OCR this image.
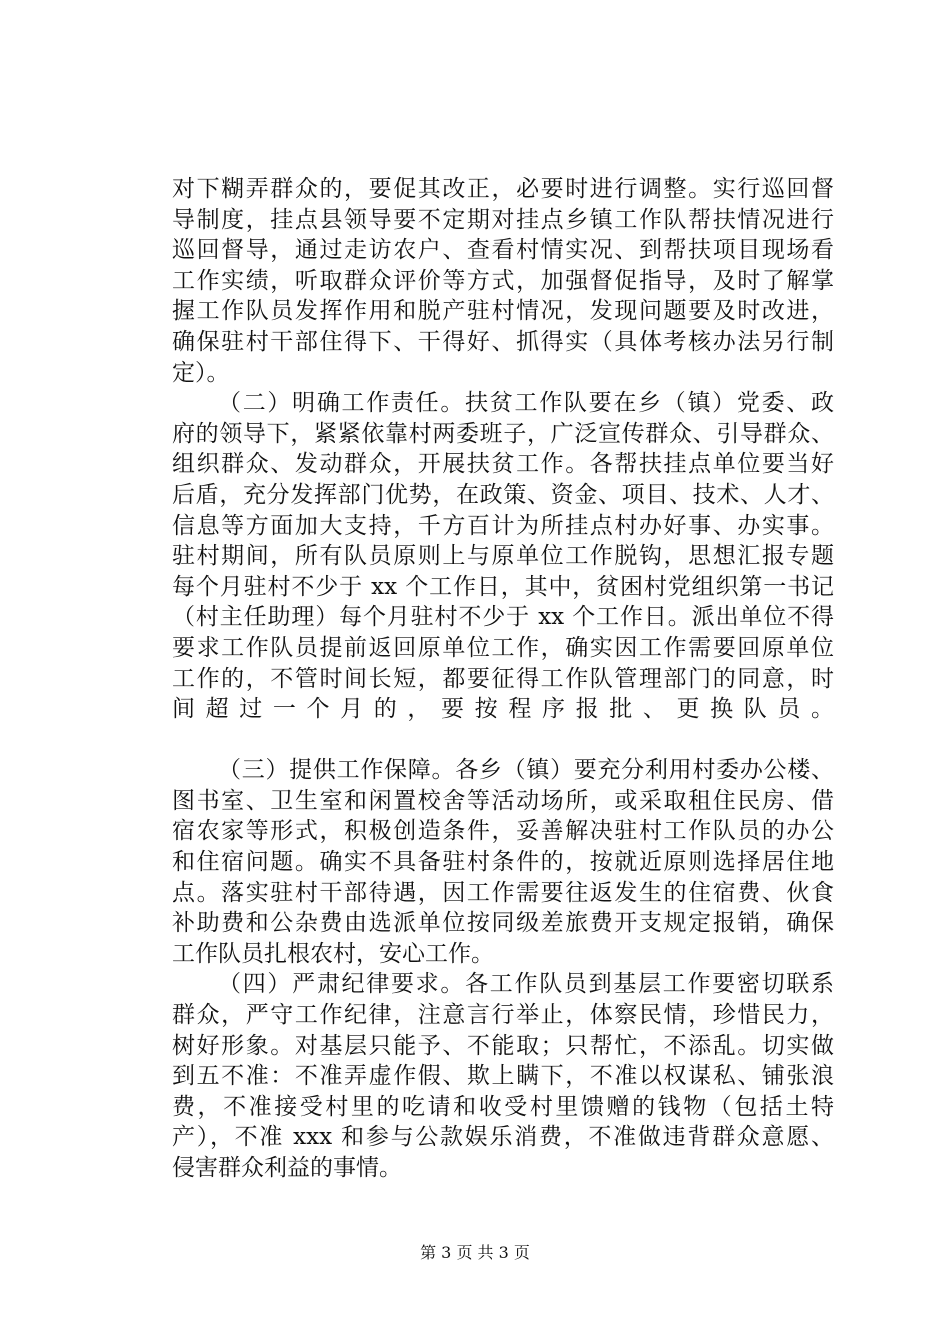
对下糊弄群众的，要促其改正，必要时进行调整。实行巡回督
导制度，挂点县领导要不定期对挂点乡镇工作队帮扶情况进行
巡回督导，通过走访农户、查看村情实况、到帮扶项目现场看
工作实绩，听取群众评价等方式，加强督促指导，及时了解掌
握工作队员发挥作用和脱产驻村情况，发现问题要及时改进，
确保驻村干部住得下、干得好、抓得实（具体考核办法另行制
定）。
（二）明确工作责任。扶贫工作队要在乡（镇）党委、政
府的领导下，紧紧依靠村两委班子，广泛宣传群众、引导群众、
组织群众、发动群众，开展扶贫工作。各帮扶挂点单位要当好
后盾，充分发挥部门优势，在政策、资金、项目、技术、人才、
信息等方面加大支持，千方百计为所挂点村办好事、办实事。
驻村期间，所有队员原则上与原单位工作脱钩，思想汇报专题
每个月驻村不少于 xx 个工作日，其中，贫困村党组织第一书记
（村主任助理）每个月驻村不少于 xx 个工作日。派出单位不得
要求工作队员提前返回原单位工作，确实因工作需要回原单位
工作的，不管时间长短，都要征得工作队管理部门的同意，时
间超过一个月的，要按程序报批、更换队员。
（三）提供工作保障。各乡（镇）要充分利用村委办公楼、
图书室、卫生室和闲置校舍等活动场所，或采取租住民房、借
宿农家等形式，积极创造条件，妥善解决驻村工作队员的办公
和住宿问题。确实不具备驻村条件的，按就近原则选择居住地
点。落实驻村干部待遇，因工作需要往返发生的住宿费、伙食
补助费和公杂费由选派单位按同级差旅费开支规定报销，确保
工作队员扎根农村，安心工作。
（四）严肃纪律要求。各工作队员到基层工作要密切联系
群众，严守工作纪律，注意言行举止，体察民情，珍惜民力，
树好形象。对基层只能予、不能取；只帮忙，不添乱。切实做
到五不准：不准弄虚作假、欺上瞒下，不准以权谋私、铺张浪
费，不准接受村里的吃请和收受村里馈赠的钱物（包括土特
产），不准 xxx 和参与公款娱乐消费，不准做违背群众意愿、
侵害群众利益的事情。
第 3 页 共 3 页
